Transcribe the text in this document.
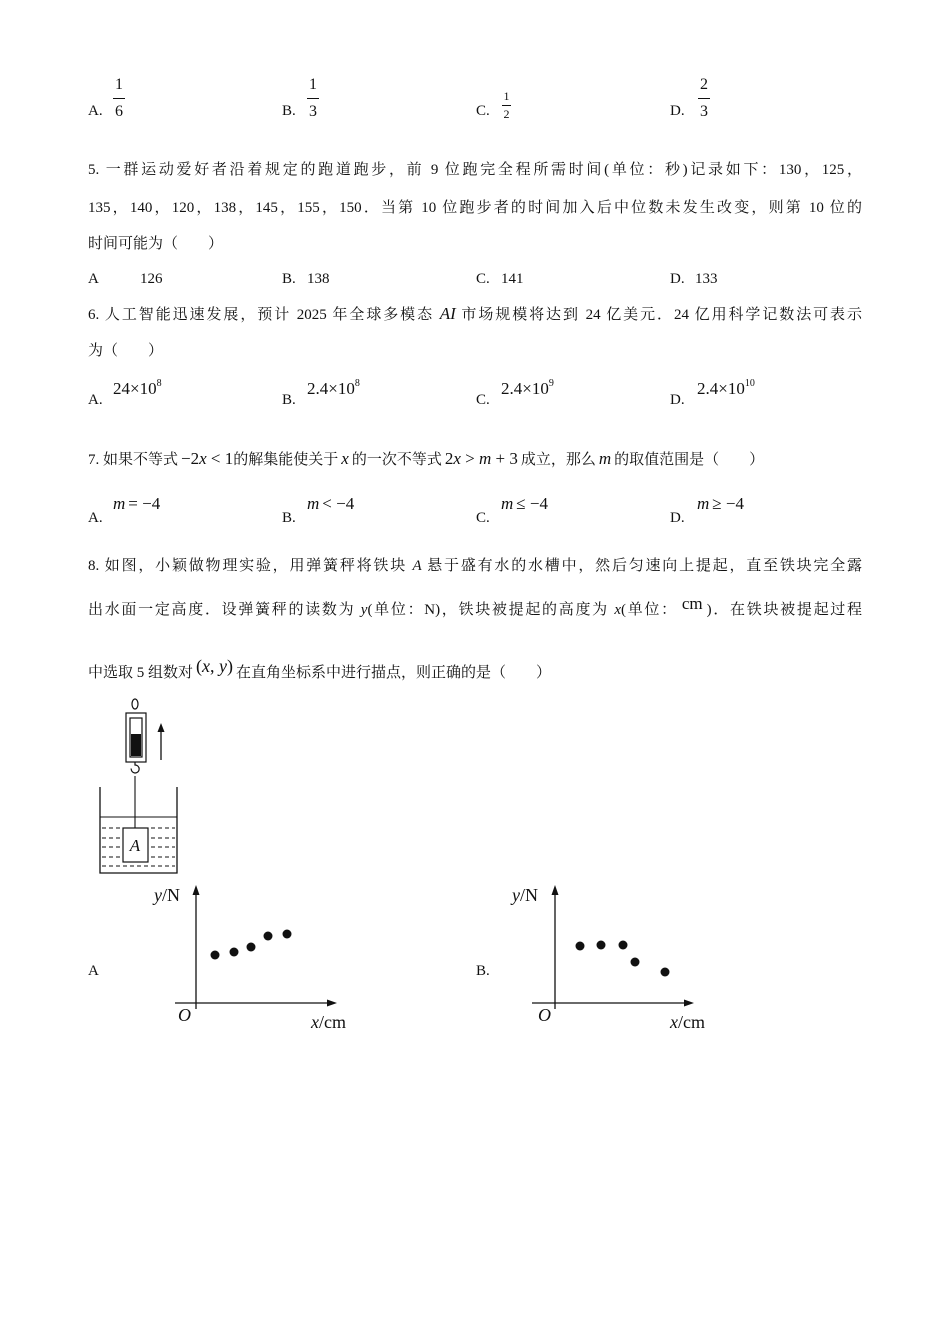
A.
1
6	B.
1
3	C.
1
2	D.
2
3
5. 一群运动爱好者沿着规定的跑道跑步，前 9 位跑完全程所需时间(单位：秒)记录如下：130，125，
135，140，120，138，145，155，150．当第 10 位跑步者的时间加入后中位数未发生改变，则第 10 位的
时间可能为（　　）
A	126	B. 138	C. 141	D. 133
6. 人工智能迅速发展，预计 2025 年全球多模态 AI 市场规模将达到 24 亿美元．24 亿用科学记数法可表示
为（　　）
A.
$24\times 10^8$
B.
$2.4\times 10^8$
C.
$2.4\times 10^9$
D.
$2.4\times 10^{10}$
7. 如果不等式 −2x < 1的解集能使关于 x 的一次不等式 2x > m + 3 成立，那么 m 的取值范围是（　　）
A.
m = −4
B.
m < −4
C.
m ≤ −4
D.
m ≥ −4
8. 如图，小颖做物理实验，用弹簧秤将铁块 A 悬于盛有水的水槽中，然后匀速向上提起，直至铁块完全露
出水面一定高度．设弹簧秤的读数为 y(单位：N)，铁块被提起的高度为 x(单位： cm )．在铁块被提起过程
中选取 5 组数对 (x, y) 在直角坐标系中进行描点，则正确的是（　　）
A
A
y/N
O	x/cm
B.
y/N
O	x/cm
